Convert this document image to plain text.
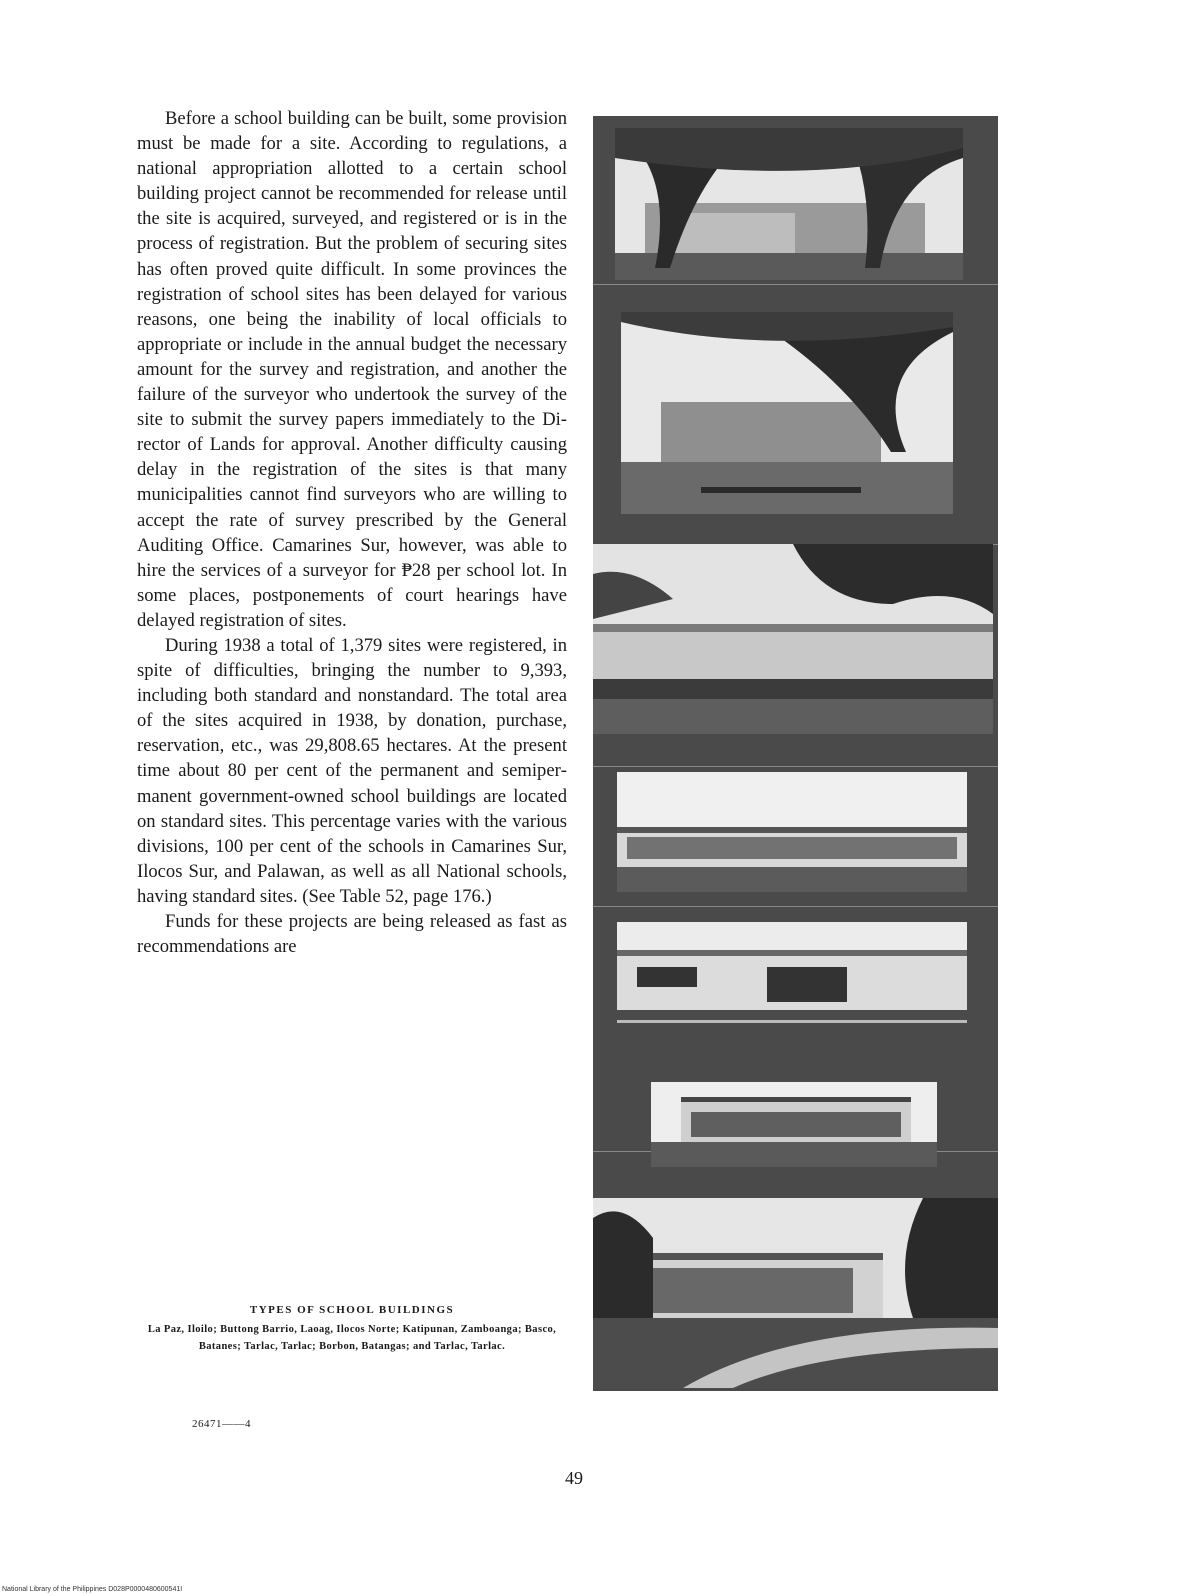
Before a school building can be built, some provision must be made for a site. According to regulations, a national appropriation allotted to a certain school building project cannot be recommended for release until the site is acquired, surveyed, and registered or is in the process of registration. But the problem of securing sites has often proved quite difficult. In some provinces the registration of school sites has been delayed for various reasons, one being the inability of local officials to appropriate or include in the annual budget the necessary amount for the survey and registration, and another the failure of the surveyor who undertook the survey of the site to submit the survey papers immediately to the Director of Lands for approval. Another difficulty causing delay in the registration of the sites is that many municipalities cannot find surveyors who are willing to accept the rate of survey prescribed by the General Auditing Office. Camarines Sur, however, was able to hire the services of a surveyor for ₱28 per school lot. In some places, postponements of court hearings have delayed registration of sites.

During 1938 a total of 1,379 sites were registered, in spite of difficulties, bringing the number to 9,393, including both standard and nonstandard. The total area of the sites acquired in 1938, by donation, purchase, reservation, etc., was 29,808.65 hectares. At the present time about 80 per cent of the permanent and semipermanent government-owned school buildings are located on standard sites. This percentage varies with the various divisions, 100 per cent of the schools in Camarines Sur, Ilocos Sur, and Palawan, as well as all National schools, having standard sites. (See Table 52, page 176.)

Funds for these projects are being released as fast as recommendations are

TYPES OF SCHOOL BUILDINGS
La Paz, Iloilo; Buttong Barrio, Laoag, Ilocos Norte; Katipunan, Zamboanga; Basco, Batanes; Tarlac, Tarlac; Borbon, Batangas; and Tarlac, Tarlac.
26471——4
49
National Library of the Philippines D028P0000480600541I
